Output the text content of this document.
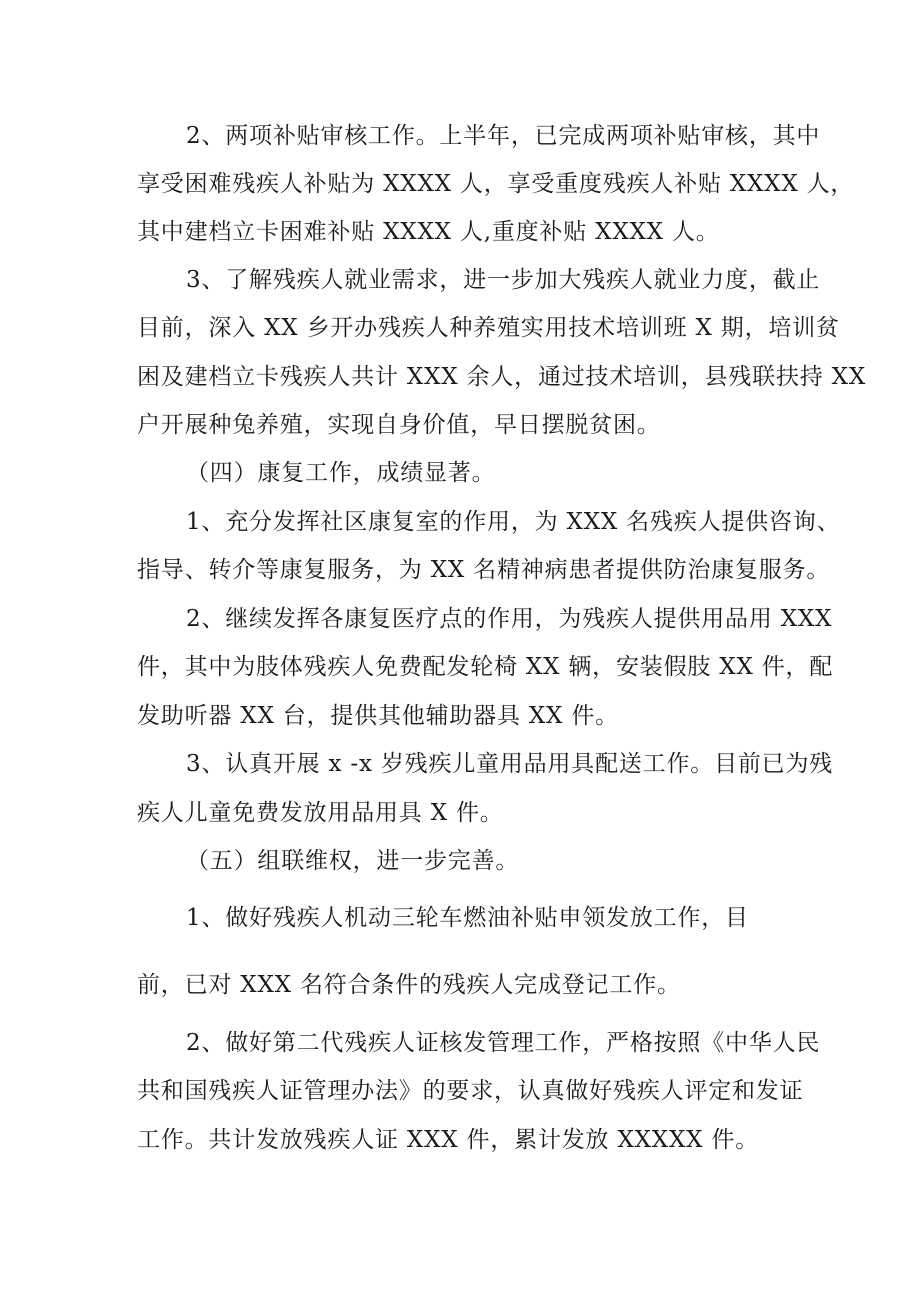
2、两项补贴审核工作。上半年，已完成两项补贴审核，其中
享受困难残疾人补贴为 XXXX 人，享受重度残疾人补贴 XXXX 人，
其中建档立卡困难补贴 XXXX 人,重度补贴 XXXX 人。
3、了解残疾人就业需求，进一步加大残疾人就业力度，截止
目前，深入 XX 乡开办残疾人种养殖实用技术培训班 X 期，培训贫
困及建档立卡残疾人共计 XXX 余人，通过技术培训，县残联扶持 XX
户开展种兔养殖，实现自身价值，早日摆脱贫困。
（四）康复工作，成绩显著。
1、充分发挥社区康复室的作用，为 XXX 名残疾人提供咨询、
指导、转介等康复服务，为 XX 名精神病患者提供防治康复服务。
2、继续发挥各康复医疗点的作用，为残疾人提供用品用 XXX
件，其中为肢体残疾人免费配发轮椅 XX 辆，安装假肢 XX 件，配
发助听器 XX 台，提供其他辅助器具 XX 件。
3、认真开展 x -x 岁残疾儿童用品用具配送工作。目前已为残
疾人儿童免费发放用品用具 X 件。
（五）组联维权，进一步完善。
1、做好残疾人机动三轮车燃油补贴申领发放工作，目
前，已对 XXX 名符合条件的残疾人完成登记工作。
2、做好第二代残疾人证核发管理工作，严格按照《中华人民
共和国残疾人证管理办法》的要求，认真做好残疾人评定和发证
工作。共计发放残疾人证 XXX 件，累计发放 XXXXX 件。
